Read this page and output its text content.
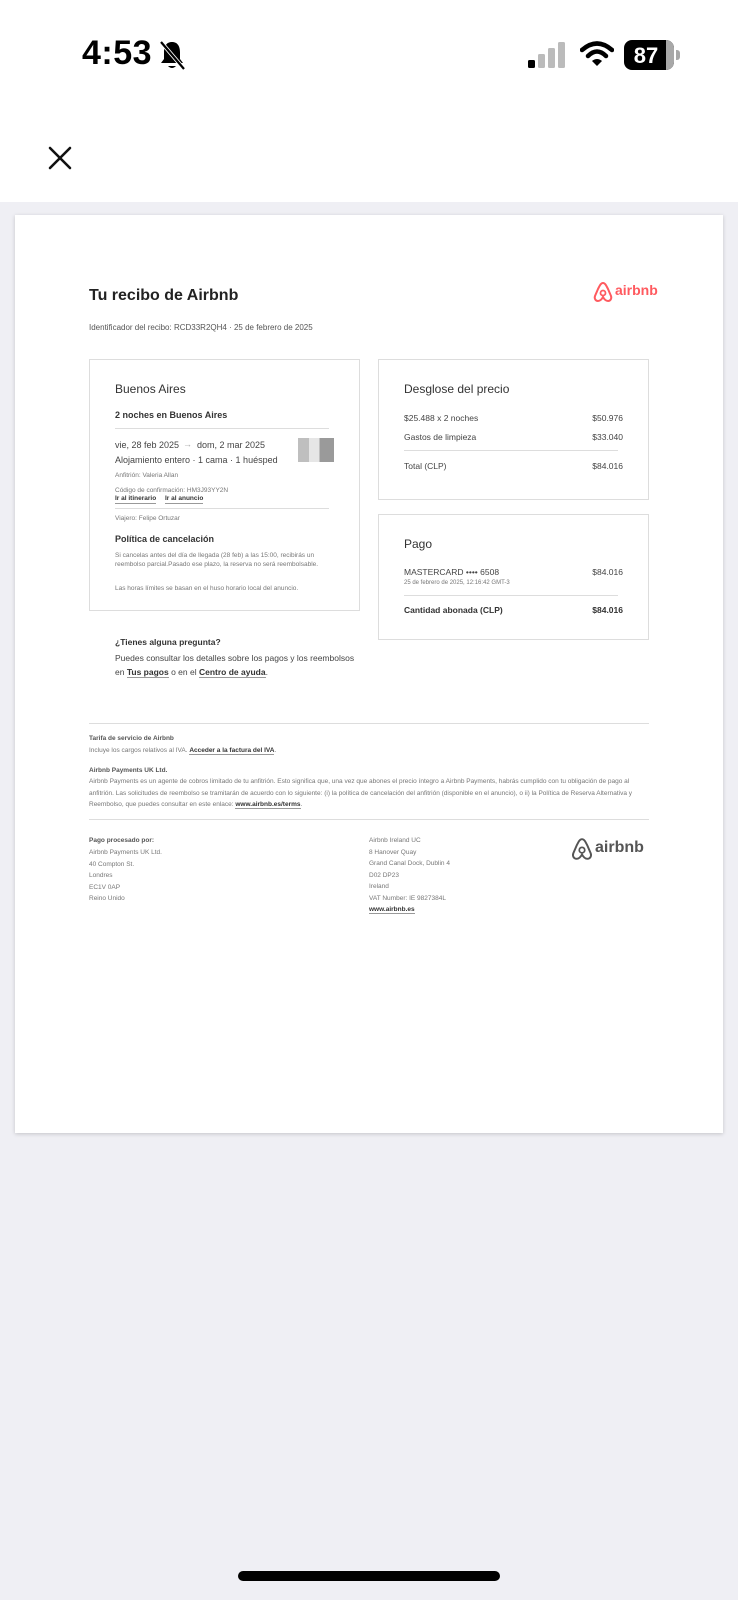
4:53	87
Tu recibo de Airbnb	airbnb
Identificador del recibo: RCD33R2QH4 · 25 de febrero de 2025
Buenos Aires
2 noches en Buenos Aires
vie, 28 feb 2025 → dom, 2 mar 2025
Alojamiento entero · 1 cama · 1 huésped
Anfitrión: Valeria Allan
Código de confirmación: HM3J93YY2N
Ir al itinerario Ir al anuncio
Viajero: Felipe Ortuzar
Política de cancelación
Si cancelas antes del día de llegada (28 feb) a las 15:00, recibirás un reembolso parcial.Pasado ese plazo, la reserva no será reembolsable.
Las horas límites se basan en el huso horario local del anuncio.
Desglose del precio
$25.488 x 2 noches	$50.976
Gastos de limpieza	$33.040
Total (CLP)	$84.016
Pago
MASTERCARD •••• 6508	$84.016
25 de febrero de 2025, 12:16:42 GMT-3
Cantidad abonada (CLP)	$84.016
¿Tienes alguna pregunta?
Puedes consultar los detalles sobre los pagos y los reembolsos en Tus pagos o en el Centro de ayuda.
Tarifa de servicio de Airbnb
Incluye los cargos relativos al IVA. Acceder a la factura del IVA.
Airbnb Payments UK Ltd.
Airbnb Payments es un agente de cobros limitado de tu anfitrión. Esto significa que, una vez que abones el precio íntegro a Airbnb Payments, habrás cumplido con tu obligación de pago al anfitrión. Las solicitudes de reembolso se tramitarán de acuerdo con lo siguiente: (i) la política de cancelación del anfitrión (disponible en el anuncio), o ii) la Política de Reserva Alternativa y Reembolso, que puedes consultar en este enlace: www.airbnb.es/terms.
Pago procesado por:
Airbnb Payments UK Ltd.
40 Compton St.
Londres
EC1V 0AP
Reino Unido
Airbnb Ireland UC
8 Hanover Quay
Grand Canal Dock, Dublin 4
D02 DP23
Ireland
VAT Number: IE 9827384L
www.airbnb.es
airbnb
